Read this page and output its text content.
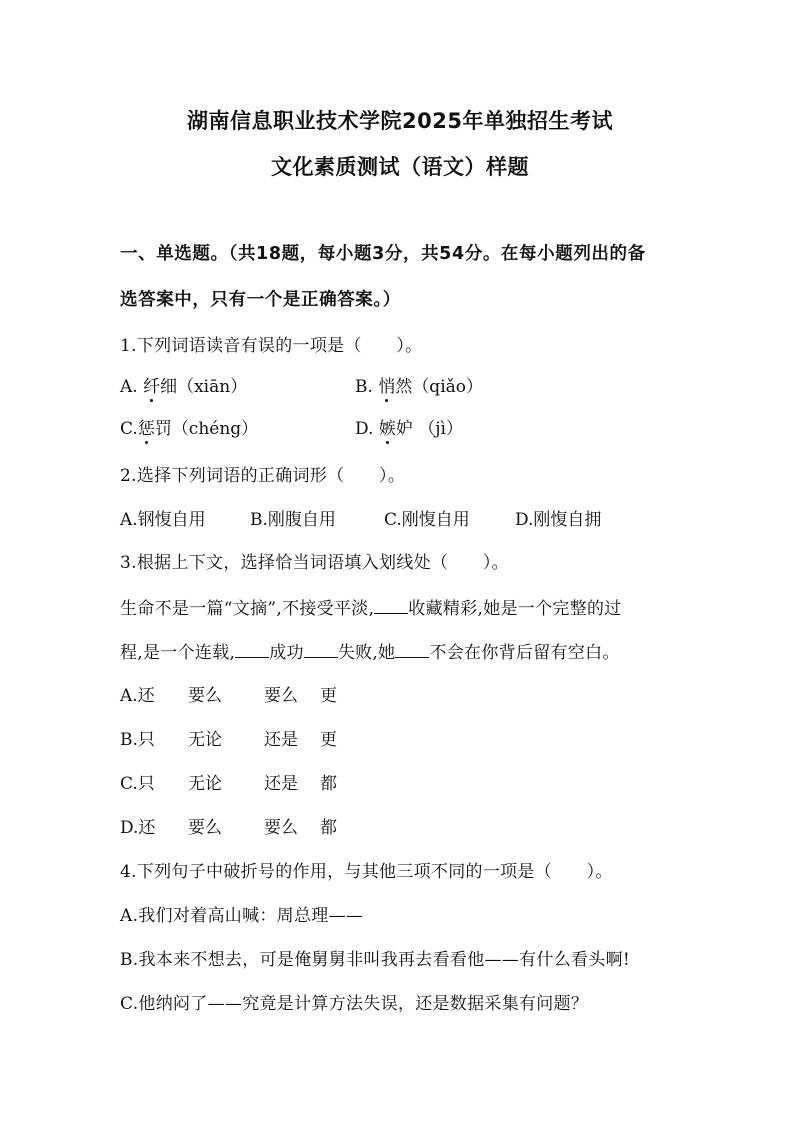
湖南信息职业技术学院2025年单独招生考试
文化素质测试（语文）样题
一、单选题。（共18题，每小题3分，共54分。在每小题列出的备
选答案中，只有一个是正确答案。）
1.下列词语读音有误的一项是（　　）。
A. 纤细（xiān）	B. 悄然（qiǎo）
C.惩罚（chéng）	D. 嫉妒 （jì）
2.选择下列词语的正确词形（　　）。
A.钢愎自用	B.刚腹自用	C.刚愎自用	D.刚愎自拥
3.根据上下文，选择恰当词语填入划线处（　　）。
生命不是一篇“文摘”,不接受平淡, 收藏精彩,她是一个完整的过
程,是一个连载, 成功 失败,她 不会在你背后留有空白。
A.还 要么 要么 更
B.只 无论 还是 更
C.只 无论 还是 都
D.还 要么 要么 都
4.下列句子中破折号的作用，与其他三项不同的一项是（　　）。
A.我们对着高山喊：周总理——
B.我本来不想去，可是俺舅舅非叫我再去看看他——有什么看头啊!
C.他纳闷了——究竟是计算方法失误，还是数据采集有问题？
